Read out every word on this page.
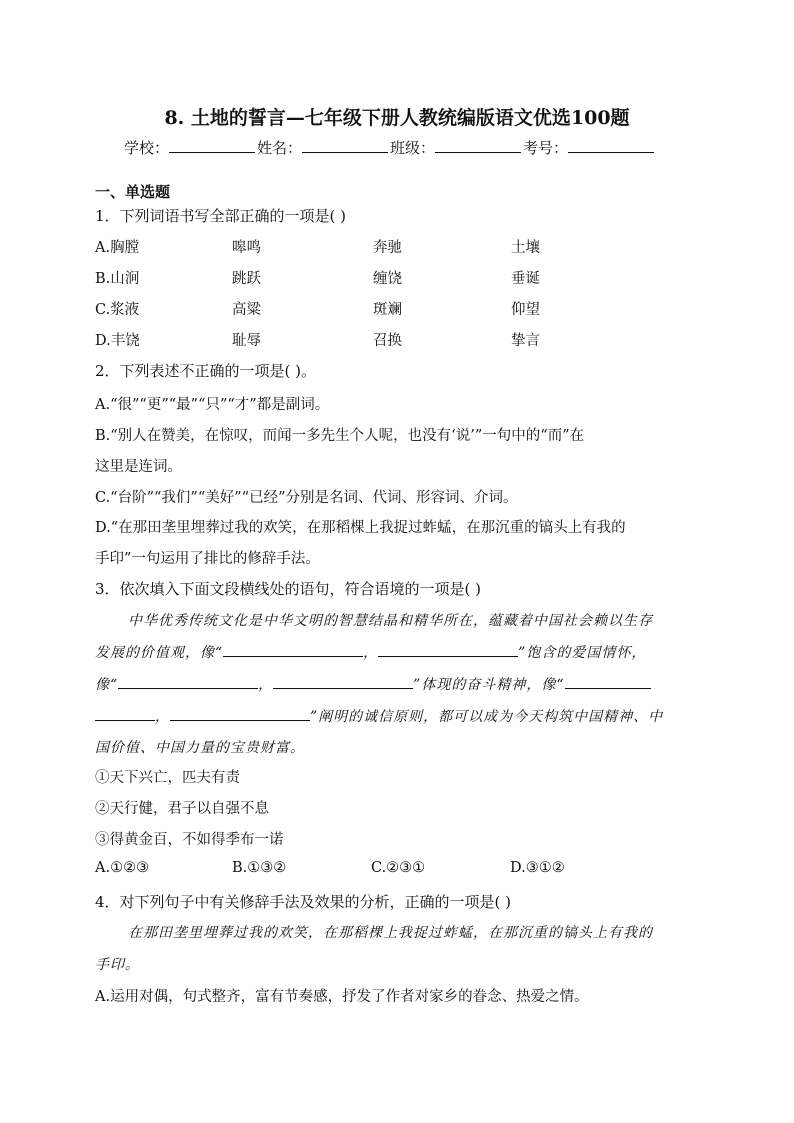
8. 土地的誓言—七年级下册人教统编版语文优选100题
学校：	姓名：	班级：	考号：
一、单选题
1．下列词语书写全部正确的一项是( )
A.胸膛	嗥鸣	奔驰	土壤
B.山涧	跳跃	缠饶	垂诞
C.浆液	高粱	斑斓	仰望
D.丰饶	耻辱	召换	挚言
2．下列表述不正确的一项是( )。
A.“很”“更”“最”“只”“才”都是副词。
B.“别人在赞美，在惊叹，而闻一多先生个人呢，也没有‘说’”一句中的“而”在
这里是连词。
C.“台阶”“我们”“美好”“已经”分别是名词、代词、形容词、介词。
D.“在那田垄里埋葬过我的欢笑，在那稻棵上我捉过蚱蜢，在那沉重的镐头上有我的
手印”一句运用了排比的修辞手法。
3．依次填入下面文段横线处的语句，符合语境的一项是( )
中华优秀传统文化是中华文明的智慧结晶和精华所在，蕴藏着中国社会赖以生存
发展的价值观，像“	，	”饱含的爱国情怀，
像“	，	”体现的奋斗精神，像“
，	”阐明的诚信原则，都可以成为今天构筑中国精神、中
国价值、中国力量的宝贵财富。
①天下兴亡，匹夫有责
②天行健，君子以自强不息
③得黄金百，不如得季布一诺
A.①②③	B.①③②	C.②③①	D.③①②
4．对下列句子中有关修辞手法及效果的分析，正确的一项是( )
在那田垄里埋葬过我的欢笑，在那稻棵上我捉过蚱蜢，在那沉重的镐头上有我的
手印。
A.运用对偶，句式整齐，富有节奏感，抒发了作者对家乡的眷念、热爱之情。
